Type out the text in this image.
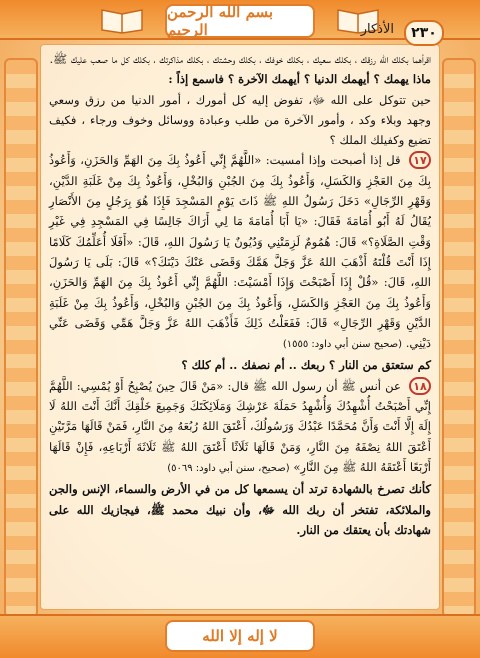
بسم الله الرحمن الرحيم

اقرأهما بكلك الله رزقك ، بكلك سعيك ، بكلك خوفك ، بكلك وحشتك ، بكلك مذاكرتك ، بكلك كل ما صعب عليك ﷺ.

ماذا يهمك ؟ أيهمك الدنيا ؟ أيهمك الآخرة ؟ فاسمع إذاً :

حين تتوكل على الله ﷻ، تفوض إليه كل أمورك ، أمور الدنيا من رزق وسعي وجهد وبلاء وكد ، وأمور الآخرة من طلب وعبادة ووسائل وخوف ورجاء ، فكيف تضيع وكفيلك الملك ؟

١٧ قل إذا أصبحت وإذا أمسيت: «اللَّهُمَّ إِنِّي أَعُوذُ بِكَ مِنَ الهَمِّ وَالحَزَنِ، وَأَعُوذُ بِكَ مِنَ العَجْزِ وَالكَسَلِ، وَأَعُوذُ بِكَ مِنَ الجُبْنِ وَالبُخْلِ، وَأَعُوذُ بِكَ مِنْ غَلَبَةِ الدَّيْنِ، وَقَهْرِ الرِّجَالِ» دَخَلَ رَسُولُ اللهِ ﷺ ذَاتَ يَوْمٍ المَسْجِدَ فَإِذَا هُوَ بِرَجُلٍ مِنَ الأَنْصَارِ يُقَالُ لَهُ أَبُو أُمَامَةَ فَقَالَ: «يَا أَبَا أُمَامَةَ مَا لِي أَرَاكَ جَالِسًا فِي المَسْجِدِ فِي غَيْرِ وَقْتِ الصَّلَاةِ؟» قَالَ: هُمُومٌ لَزِمَتْنِي وَدُيُونٌ يَا رَسُولَ اللهِ، قَالَ: «أَفَلَا أُعَلِّمُكَ كَلَامًا إِذَا أَنْتَ قُلْتَهُ أَذْهَبَ اللهُ عَزَّ وَجَلَّ هَمَّكَ وَقَضَى عَنْكَ دَيْنَكَ؟» قَالَ: بَلَى يَا رَسُولَ اللهِ، قَالَ: «قُلْ إِذَا أَصْبَحْتَ وَإِذَا أَمْسَيْتَ: اللَّهُمَّ إِنِّي أَعُوذُ بِكَ مِنَ الهَمِّ وَالحَزَنِ، وَأَعُوذُ بِكَ مِنَ العَجْزِ وَالكَسَلِ، وَأَعُوذُ بِكَ مِنَ الجُبْنِ وَالبُخْلِ، وَأَعُوذُ بِكَ مِنْ غَلَبَةِ الدَّيْنِ وَقَهْرِ الرِّجَالِ» قَالَ: فَفَعَلْتُ ذَلِكَ فَأَذْهَبَ اللهُ عَزَّ وَجَلَّ هَمِّي وَقَضَى عَنِّي دَيْنِي. (صحيح سنن أبي داود: ١٥٥٥)

كم ستعتق من النار ؟ ربعك .. أم نصفك .. أم كلك ؟

١٨ عن أنس ﷺ أن رسول الله ﷺ قال: «مَنْ قَالَ حِينَ يُصْبِحُ أَوْ يُمْسِي: اللَّهُمَّ إِنِّي أَصْبَحْتُ أُشْهِدُكَ وَأُشْهِدُ حَمَلَةَ عَرْشِكَ وَمَلَائِكَتَكَ وَجَمِيعَ خَلْقِكَ أَنَّكَ أَنْتَ اللهُ لَا إِلَهَ إِلَّا أَنْتَ وَأَنَّ مُحَمَّدًا عَبْدُكَ وَرَسُولُكَ، أَعْتَقَ اللهُ رُبُعَهُ مِنَ النَّارِ، فَمَنْ قَالَهَا مَرَّتَيْنِ أَعْتَقَ اللهُ نِصْفَهُ مِنَ النَّارِ، وَمَنْ قَالَهَا ثَلَاثًا أَعْتَقَ اللهُ ﷺ ثَلَاثَةَ أَرْبَاعِهِ، فَإِنْ قَالَهَا أَرْبَعًا أَعْتَقَهُ اللهُ ﷺ مِنَ النَّارِ» (صحيح، سنن أبي داود: ٥٠٦٩)

كأنك تصرخ بالشهادة ترتد أن يسمعها كل من في الأرض والسماء، الإنس والجن والملائكة، تفتخر أن ربك الله ﷻ، وأن نبيك محمد ﷺ، فيجازيك الله على شهادتك بأن يعتقك من النار.

٢٣٠
الأذكار
لا إله إلا الله
